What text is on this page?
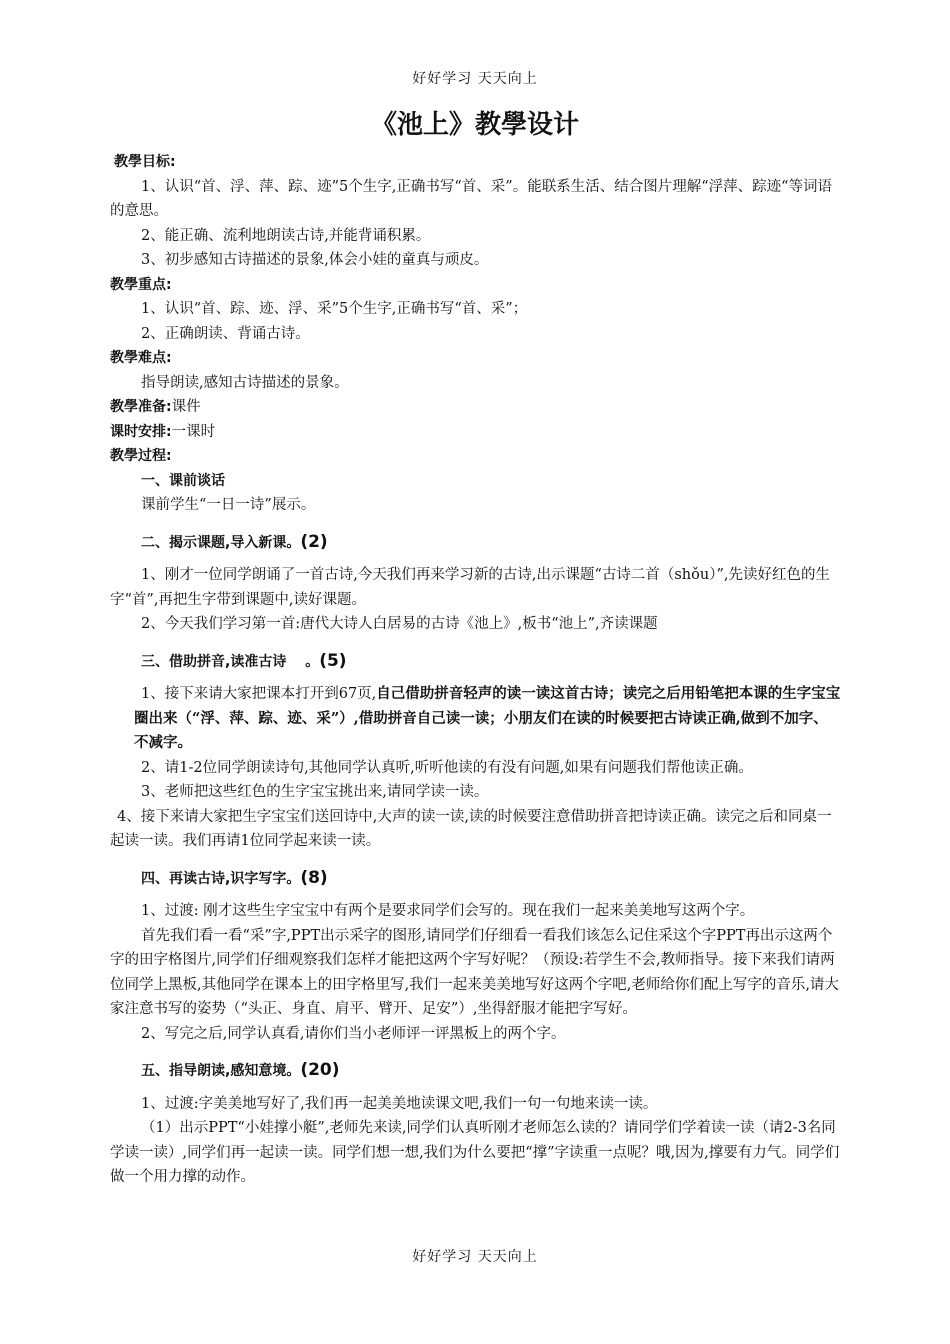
好好学习 天天向上
《池上》教學设计

教學目标:

1、认识“首、浮、萍、踪、迹”5个生字,正确书写“首、采”。能联系生活、结合图片理解“浮萍、踪迹“等词语的意思。

2、能正确、流利地朗读古诗,并能背诵积累。

3、初步感知古诗描述的景象,体会小娃的童真与顽皮。

教學重点:

1、认识“首、踪、迹、浮、采”5个生字,正确书写“首、采”；

2、正确朗读、背诵古诗。

教學难点:

指导朗读,感知古诗描述的景象。

教學准备:课件

课时安排:一课时

教學过程:

一、课前谈话

课前学生“一日一诗”展示。

二、揭示课题,导入新课。(2)

1、刚才一位同学朗诵了一首古诗,今天我们再来学习新的古诗,出示课题“古诗二首（shǒu）”,先读好红色的生字“首”,再把生字带到课题中,读好课题。

2、今天我们学习第一首:唐代大诗人白居易的古诗《池上》,板书“池上”,齐读课题

三、借助拼音,读准古诗 　。(5)

1、接下来请大家把课本打开到67页,自己借助拼音轻声的读一读这首古诗；读完之后用铅笔把本课的生字宝宝圈出来（“浮、萍、踪、迹、采”）,借助拼音自己读一读；小朋友们在读的时候要把古诗读正确,做到不加字、不减字。

2、请1-2位同学朗读诗句,其他同学认真听,听听他读的有没有问题,如果有问题我们帮他读正确。

3、老师把这些红色的生字宝宝挑出来,请同学读一读。

4、接下来请大家把生字宝宝们送回诗中,大声的读一读,读的时候要注意借助拼音把诗读正确。读完之后和同桌一起读一读。我们再请1位同学起来读一读。

四、再读古诗,识字写字。(8)

1、过渡: 刚才这些生字宝宝中有两个是要求同学们会写的。现在我们一起来美美地写这两个字。

首先我们看一看“采”字,PPT出示采字的图形,请同学们仔细看一看我们该怎么记住采这个字PPT再出示这两个字的田字格图片,同学们仔细观察我们怎样才能把这两个字写好呢？（预设:若学生不会,教师指导。接下来我们请两位同学上黑板,其他同学在课本上的田字格里写,我们一起来美美地写好这两个字吧,老师给你们配上写字的音乐,请大家注意书写的姿势（“头正、身直、肩平、臂开、足安”）,坐得舒服才能把字写好。

2、写完之后,同学认真看,请你们当小老师评一评黑板上的两个字。

五、指导朗读,感知意境。(20)

1、过渡:字美美地写好了,我们再一起美美地读课文吧,我们一句一句地来读一读。

（1）出示PPT“小娃撑小艇”,老师先来读,同学们认真听刚才老师怎么读的？请同学们学着读一读（请2-3名同学读一读）,同学们再一起读一读。同学们想一想,我们为什么要把“撑”字读重一点呢？哦,因为,撑要有力气。同学们做一个用力撑的动作。

好好学习 天天向上
